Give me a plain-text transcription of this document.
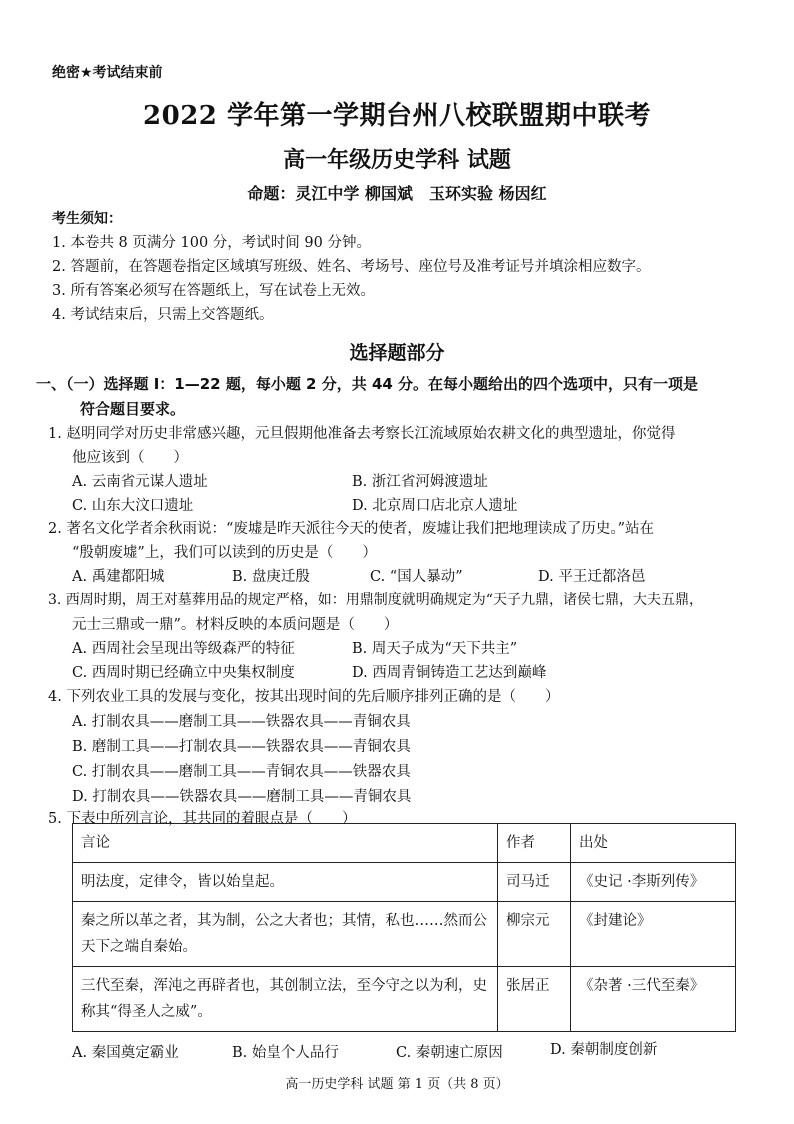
绝密★考试结束前
2022 学年第一学期台州八校联盟期中联考
高一年级历史学科 试题
命题：灵江中学 柳国斌　玉环实验 杨因红
考生须知：
1. 本卷共 8 页满分 100 分，考试时间 90 分钟。
2. 答题前，在答题卷指定区域填写班级、姓名、考场号、座位号及准考证号并填涂相应数字。
3. 所有答案必须写在答题纸上，写在试卷上无效。
4. 考试结束后，只需上交答题纸。
选择题部分
一、（一）选择题 I：1—22 题，每小题 2 分，共 44 分。在每小题给出的四个选项中，只有一项是
符合题目要求。
1. 赵明同学对历史非常感兴趣，元旦假期他准备去考察长江流域原始农耕文化的典型遗址，你觉得
他应该到（　　）
A. 云南省元谋人遗址	B. 浙江省河姆渡遗址
C. 山东大汶口遗址	D. 北京周口店北京人遗址
2. 著名文化学者余秋雨说：“废墟是昨天派往今天的使者，废墟让我们把地理读成了历史。”站在
“殷朝废墟”上，我们可以读到的历史是（　　）
A. 禹建都阳城	B. 盘庚迁殷	C. “国人暴动”	D. 平王迁都洛邑
3. 西周时期，周王对墓葬用品的规定严格，如：用鼎制度就明确规定为“天子九鼎，诸侯七鼎，大夫五鼎，
元士三鼎或一鼎”。材料反映的本质问题是（　　）
A. 西周社会呈现出等级森严的特征	B. 周天子成为“天下共主”
C. 西周时期已经确立中央集权制度	D. 西周青铜铸造工艺达到巅峰
4. 下列农业工具的发展与变化，按其出现时间的先后顺序排列正确的是（　　）
A. 打制农具——磨制工具——铁器农具——青铜农具
B. 磨制工具——打制农具——铁器农具——青铜农具
C. 打制农具——磨制工具——青铜农具——铁器农具
D. 打制农具——铁器农具——磨制工具——青铜农具
5. 下表中所列言论，其共同的着眼点是（　　）
言论	作者	出处
明法度，定律令，皆以始皇起。	司马迁	《史记 ·李斯列传》
秦之所以革之者，其为制，公之大者也；其情，私也……然而公天下之端自秦始。	柳宗元	《封建论》
三代至秦，浑沌之再辟者也，其创制立法，至今守之以为利，史称其“得圣人之威”。	张居正	《杂著 ·三代至秦》
A. 秦国奠定霸业	B. 始皇个人品行	C. 秦朝速亡原因	D. 秦朝制度创新
高一历史学科 试题 第 1 页（共 8 页）
